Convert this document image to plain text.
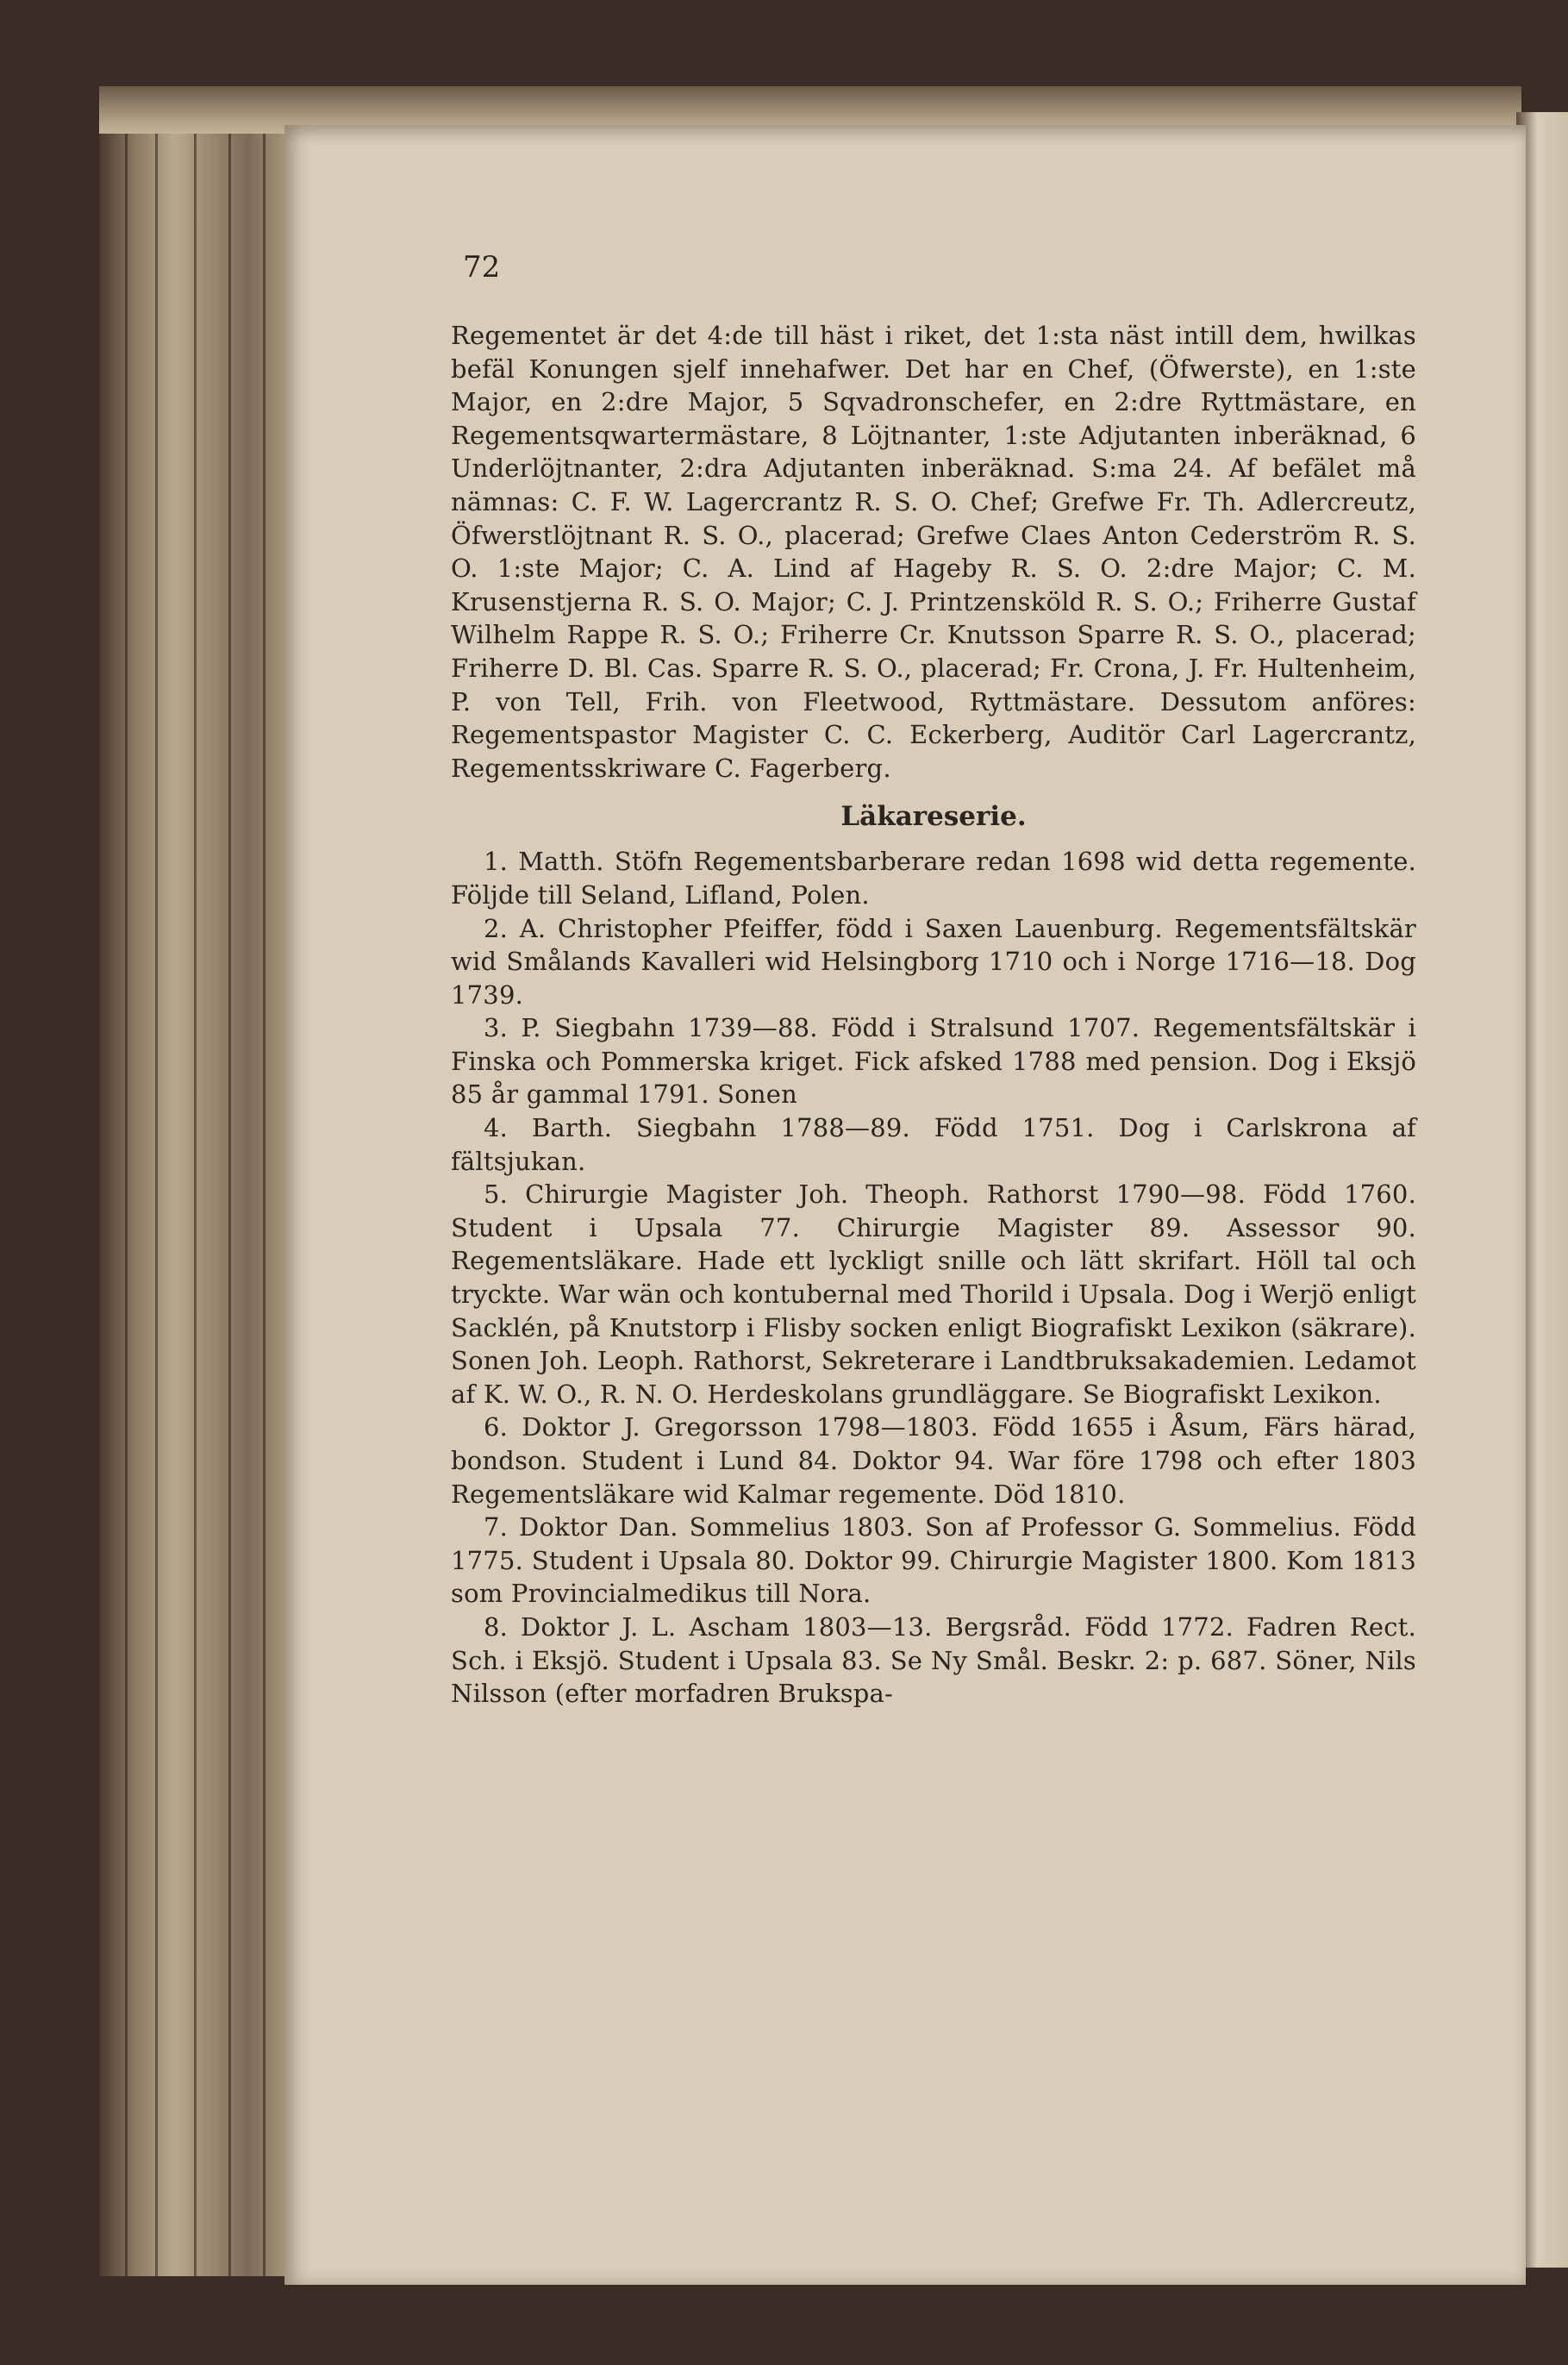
72

Regementet är det 4:de till häst i riket, det 1:sta näst intill dem, hwilkas befäl Konungen sjelf innehafwer. Det har en Chef, (Öfwerste), en 1:ste Major, en 2:dre Major, 5 Sqvadronschefer, en 2:dre Ryttmästare, en Regementsqwartermästare, 8 Löjtnanter, 1:ste Adjutanten inberäknad, 6 Underlöjtnanter, 2:dra Adjutanten inberäknad. S:ma 24. Af befälet må nämnas: C. F. W. Lagercrantz R. S. O. Chef; Grefwe Fr. Th. Adlercreutz, Öfwerstlöjtnant R. S. O., placerad; Grefwe Claes Anton Cederström R. S. O. 1:ste Major; C. A. Lind af Hageby R. S. O. 2:dre Major; C. M. Krusenstjerna R. S. O. Major; C. J. Printzensköld R. S. O.; Friherre Gustaf Wilhelm Rappe R. S. O.; Friherre Cr. Knutsson Sparre R. S. O., placerad; Friherre D. Bl. Cas. Sparre R. S. O., placerad; Fr. Crona, J. Fr. Hultenheim, P. von Tell, Frih. von Fleetwood, Ryttmästare. Dessutom anföres: Regementspastor Magister C. C. Eckerberg, Auditör Carl Lagercrantz, Regementsskriware C. Fagerberg.

Läkareserie.

1. Matth. Stöfn Regementsbarberare redan 1698 wid detta regemente. Följde till Seland, Lifland, Polen.

2. A. Christopher Pfeiffer, född i Saxen Lauenburg. Regementsfältskär wid Smålands Kavalleri wid Helsingborg 1710 och i Norge 1716—18. Dog 1739.

3. P. Siegbahn 1739—88. Född i Stralsund 1707. Regementsfältskär i Finska och Pommerska kriget. Fick afsked 1788 med pension. Dog i Eksjö 85 år gammal 1791. Sonen

4. Barth. Siegbahn 1788—89. Född 1751. Dog i Carlskrona af fältsjukan.

5. Chirurgie Magister Joh. Theoph. Rathorst 1790—98. Född 1760. Student i Upsala 77. Chirurgie Magister 89. Assessor 90. Regementsläkare. Hade ett lyckligt snille och lätt skrifart. Höll tal och trycktе. War wän och kontubernal med Thorild i Upsala. Dog i Werjö enligt Sacklén, på Knutstorp i Flisby socken enligt Biografiskt Lexikon (säkrare). Sonen Joh. Leoph. Rathorst, Sekreterare i Landtbruksakademien. Ledamot af K. W. O., R. N. O. Herdeskolans grundläggare. Se Biografiskt Lexikon.

6. Doktor J. Gregorsson 1798—1803. Född 1655 i Åsum, Färs härad, bondson. Student i Lund 84. Doktor 94. War före 1798 och efter 1803 Regementsläkare wid Kalmar regemente. Död 1810.

7. Doktor Dan. Sommelius 1803. Son af Professor G. Sommelius. Född 1775. Student i Upsala 80. Doktor 99. Chirurgie Magister 1800. Kom 1813 som Provincialmedikus till Nora.

8. Doktor J. L. Ascham 1803—13. Bergsråd. Född 1772. Fadren Rect. Sch. i Eksjö. Student i Upsala 83. Se Ny Smål. Beskr. 2: p. 687. Söner, Nils Nilsson (efter morfadren Brukspa-
